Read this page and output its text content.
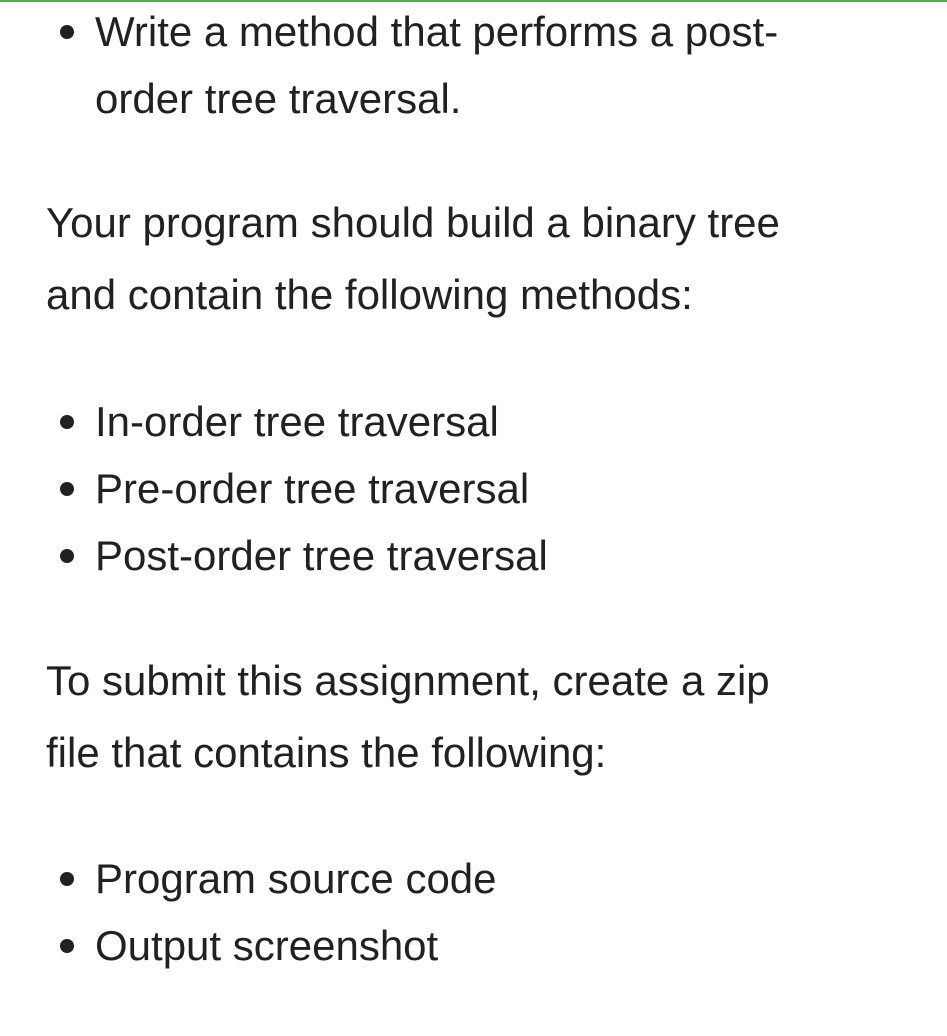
Write a method that performs a post-
order tree traversal.
Your program should build a binary tree
and contain the following methods:
In-order tree traversal
Pre-order tree traversal
Post-order tree traversal
To submit this assignment, create a zip
file that contains the following:
Program source code
Output screenshot
